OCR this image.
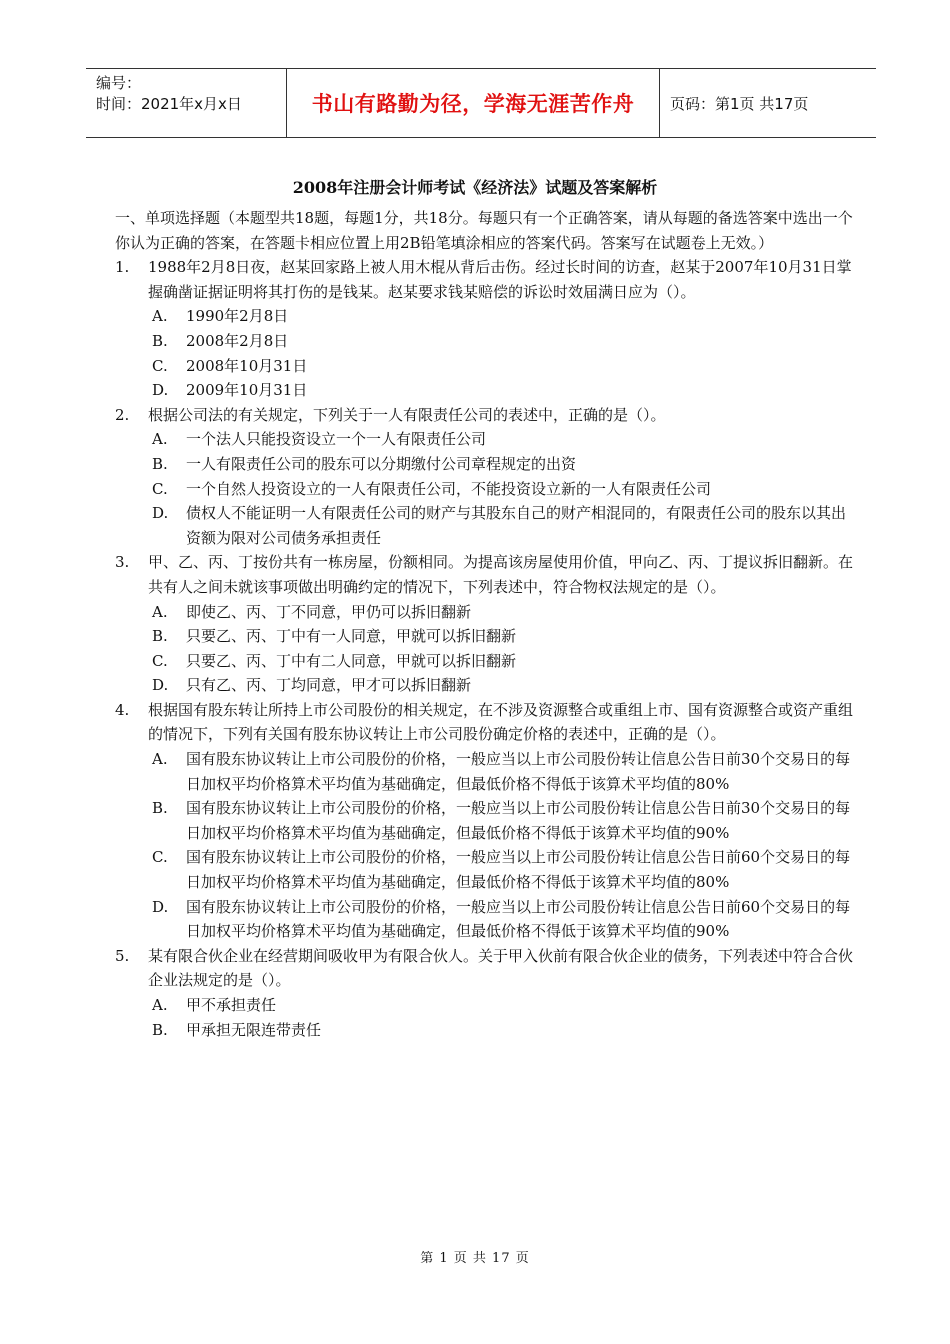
编号：
时间：2021年x月x日	书山有路勤为径，学海无涯苦作舟 页码：第1页 共17页
2008年注册会计师考试《经济法》试题及答案解析

一、单项选择题（本题型共18题，每题1分，共18分。每题只有一个正确答案，请从每题的备选答案中选出一个你认为正确的答案，在答题卡相应位置上用2B铅笔填涂相应的答案代码。答案写在试题卷上无效。）

1.	1988年2月8日夜，赵某回家路上被人用木棍从背后击伤。经过长时间的访查，赵某于2007年10月31日掌握确凿证据证明将其打伤的是钱某。赵某要求钱某赔偿的诉讼时效届满日应为（）。
A.	1990年2月8日
B.	2008年2月8日
C.	2008年10月31日
D.	2009年10月31日
2.	根据公司法的有关规定，下列关于一人有限责任公司的表述中，正确的是（）。
A.	一个法人只能投资设立一个一人有限责任公司
B.	一人有限责任公司的股东可以分期缴付公司章程规定的出资
C.	一个自然人投资设立的一人有限责任公司，不能投资设立新的一人有限责任公司
D.	债权人不能证明一人有限责任公司的财产与其股东自己的财产相混同的，有限责任公司的股东以其出资额为限对公司债务承担责任
3.	甲、乙、丙、丁按份共有一栋房屋，份额相同。为提高该房屋使用价值，甲向乙、丙、丁提议拆旧翻新。在共有人之间未就该事项做出明确约定的情况下，下列表述中，符合物权法规定的是（）。
A.	即使乙、丙、丁不同意，甲仍可以拆旧翻新
B.	只要乙、丙、丁中有一人同意，甲就可以拆旧翻新
C.	只要乙、丙、丁中有二人同意，甲就可以拆旧翻新
D.	只有乙、丙、丁均同意，甲才可以拆旧翻新
4.	根据国有股东转让所持上市公司股份的相关规定，在不涉及资源整合或重组上市、国有资源整合或资产重组的情况下，下列有关国有股东协议转让上市公司股份确定价格的表述中，正确的是（）。
A.	国有股东协议转让上市公司股份的价格，一般应当以上市公司股份转让信息公告日前30个交易日的每日加权平均价格算术平均值为基础确定，但最低价格不得低于该算术平均值的80%
B.	国有股东协议转让上市公司股份的价格，一般应当以上市公司股份转让信息公告日前30个交易日的每日加权平均价格算术平均值为基础确定，但最低价格不得低于该算术平均值的90%
C.	国有股东协议转让上市公司股份的价格，一般应当以上市公司股份转让信息公告日前60个交易日的每日加权平均价格算术平均值为基础确定，但最低价格不得低于该算术平均值的80%
D.	国有股东协议转让上市公司股份的价格，一般应当以上市公司股份转让信息公告日前60个交易日的每日加权平均价格算术平均值为基础确定，但最低价格不得低于该算术平均值的90%
5.	某有限合伙企业在经营期间吸收甲为有限合伙人。关于甲入伙前有限合伙企业的债务，下列表述中符合合伙企业法规定的是（）。
A.	甲不承担责任
B.	甲承担无限连带责任
第 1 页 共 17 页
